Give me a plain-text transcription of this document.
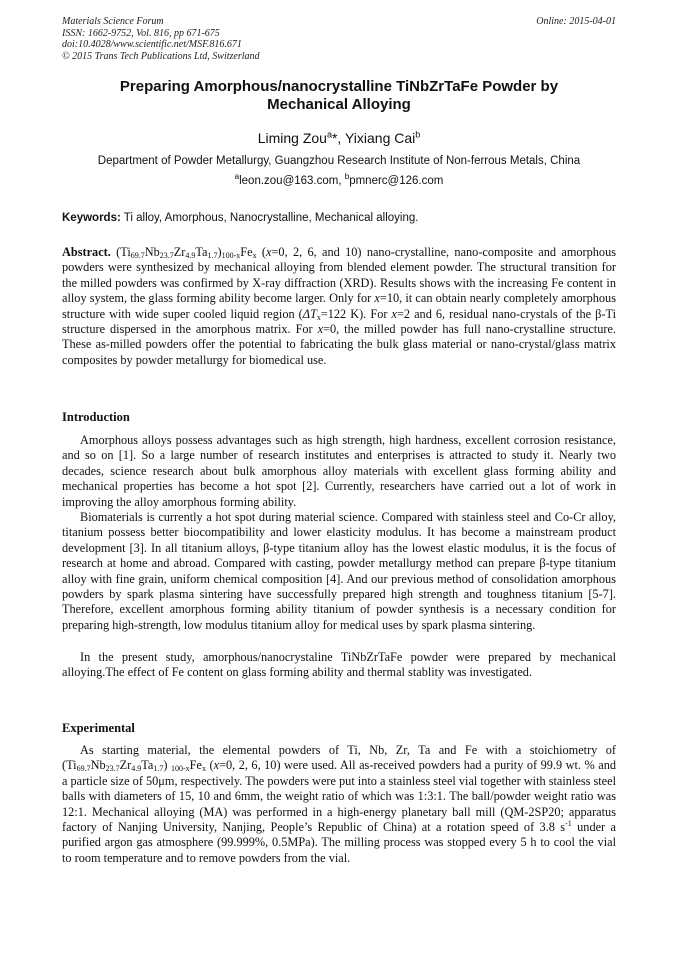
Materials Science Forum
ISSN: 1662-9752, Vol. 816, pp 671-675
doi:10.4028/www.scientific.net/MSF.816.671
© 2015 Trans Tech Publications Ltd, Switzerland
Online: 2015-04-01
Preparing Amorphous/nanocrystalline TiNbZrTaFe Powder by Mechanical Alloying
Liming Zou$^a$*, Yixiang Cai$^b$
Department of Powder Metallurgy, Guangzhou Research Institute of Non-ferrous Metals, China
$^a$leon.zou@163.com, $^b$pmnerc@126.com
Keywords: Ti alloy, Amorphous, Nanocrystalline, Mechanical alloying.
Abstract. $(Ti_{69.7}Nb_{23.7}Zr_{4.9}Ta_{1.7})_{100-x}Fe_x$ (x=0, 2, 6, and 10) nano-crystalline, nano-composite and amorphous powders were synthesized by mechanical alloying from blended element powder. The structural transition for the milled powders was confirmed by X-ray diffraction (XRD). Results shows with the increasing Fe content in alloy system, the glass forming ability become larger. Only for x=10, it can obtain nearly completely amorphous structure with wide super cooled liquid region ($\Delta T_x=122$ K). For x=2 and 6, residual nano-crystals of the β-Ti structure dispersed in the amorphous matrix. For x=0, the milled powder has full nano-crystalline structure. These as-milled powders offer the potential to fabricating the bulk glass material or nano-crystal/glass matrix composites by powder metallurgy for biomedical use.
Introduction
Amorphous alloys possess advantages such as high strength, high hardness, excellent corrosion resistance, and so on [1]. So a large number of research institutes and enterprises is attracted to study it. Nearly two decades, science research about bulk amorphous alloy materials with excellent glass forming ability and mechanical properties has become a hot spot [2]. Currently, researchers have carried out a lot of work in improving the alloy amorphous forming ability.
Biomaterials is currently a hot spot during material science. Compared with stainless steel and Co-Cr alloy, titanium possess better biocompatibility and lower elasticity modulus. It has become a mainstream product development [3]. In all titanium alloys, β-type titanium alloy has the lowest elastic modulus, it is the focus of research at home and abroad. Compared with casting, powder metallurgy method can prepare β-type titanium alloy with fine grain, uniform chemical composition [4]. And our previous method of consolidation amorphous powders by spark plasma sintering have successfully prepared high strength and toughness titanium [5-7]. Therefore, excellent amorphous forming ability titanium of powder synthesis is a necessary condition for preparing high-strength, low modulus titanium alloy for medical uses by spark plasma sintering.
In the present study, amorphous/nanocrystaline TiNbZrTaFe powder were prepared by mechanical alloying.The effect of Fe content on glass forming ability and thermal stablity was investigated.
Experimental
As starting material, the elemental powders of Ti, Nb, Zr, Ta and Fe with a stoichiometry of $(Ti_{69.7}Nb_{23.7}Zr_{4.9}Ta_{1.7})$ $_{100-x}Fe_x$ (x=0, 2, 6, 10) were used. All as-received powders had a purity of 99.9 wt. % and a particle size of 50μm, respectively. The powders were put into a stainless steel vial together with stainless steel balls with diameters of 15, 10 and 6mm, the weight ratio of which was 1:3:1. The ball/powder weight ratio was 12:1. Mechanical alloying (MA) was performed in a high-energy planetary ball mill (QM-2SP20; apparatus factory of Nanjing University, Nanjing, People’s Republic of China) at a rotation speed of 3.8 $s^{-1}$ under a purified argon gas atmosphere (99.999%, 0.5MPa). The milling process was stopped every 5 h to cool the vial to room temperature and to remove powders from the vial.
